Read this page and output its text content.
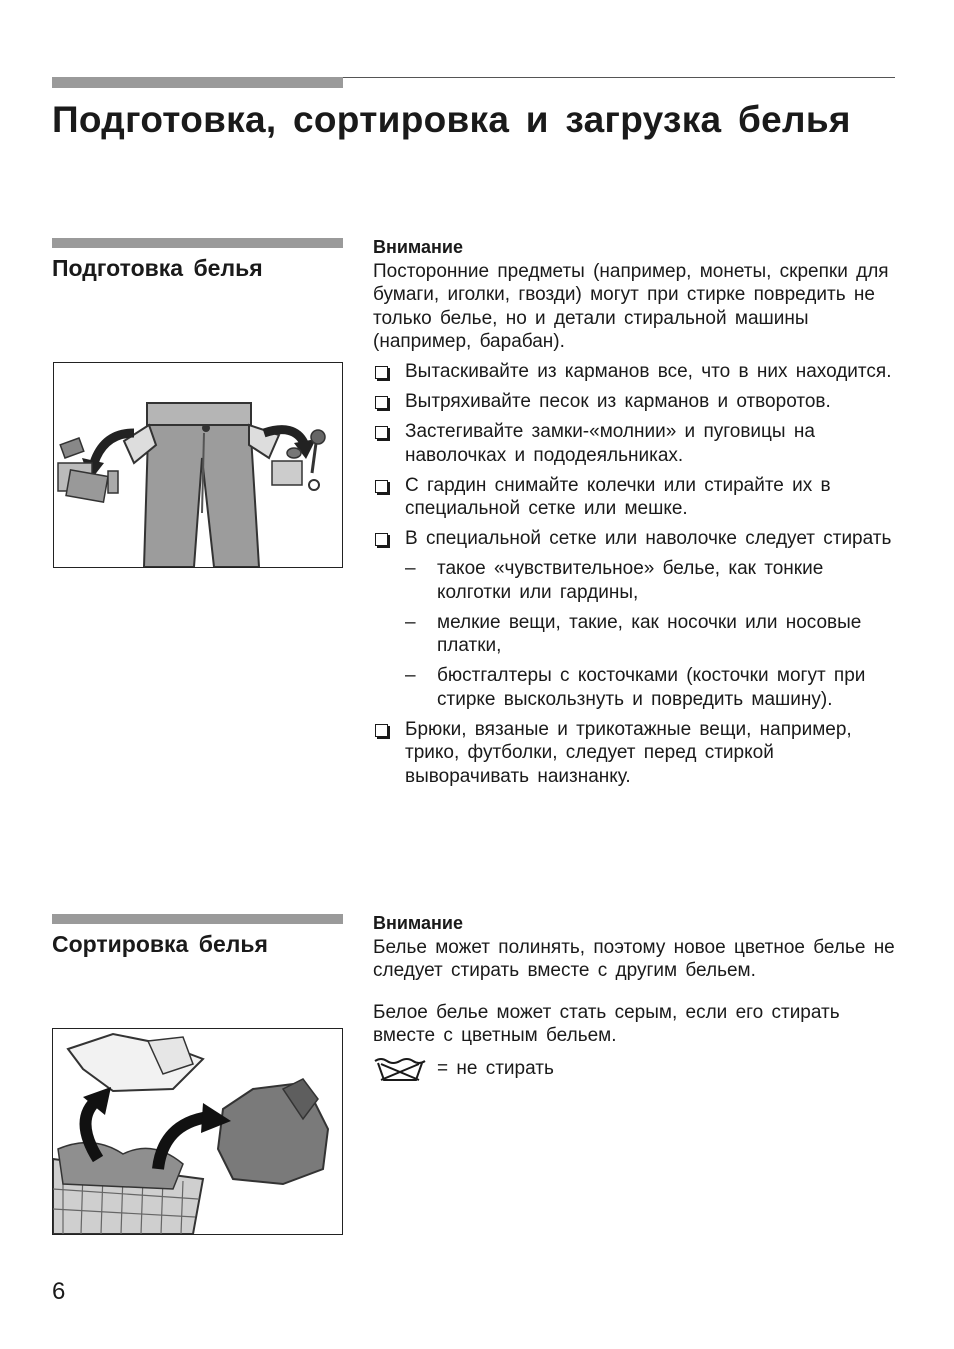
Подготовка, сортировка и загрузка белья
Подготовка белья

Внимание

Посторонние предметы (например, монеты, скрепки для бумаги, иголки, гвозди) могут при стирке повредить не только белье, но и детали стиральной машины (например, барабан).

Вытаскивайте из карманов все, что в них находится.
Вытряхивайте песок из карманов и отворотов.
Застегивайте замки-«молнии» и пуговицы на наволочках и пододеяльниках.
С гардин снимайте колечки или стирайте их в специальной сетке или мешке.
В специальной сетке или наволочке следует стирать
– такое «чувствительное» белье, как тонкие колготки или гардины,
– мелкие вещи, такие, как носочки или носовые платки,
– бюстгалтеры с косточками (косточки могут при стирке выскользнуть и повредить машину).
Брюки, вязаные и трикотажные вещи, например, трико, футболки, следует перед стиркой выворачивать наизнанку.
Сортировка белья

Внимание

Белье может полинять, поэтому новое цветное белье не следует стирать вместе с другим бельем.

Белое белье может стать серым, если его стирать вместе с цветным бельем.

= не стирать
6
